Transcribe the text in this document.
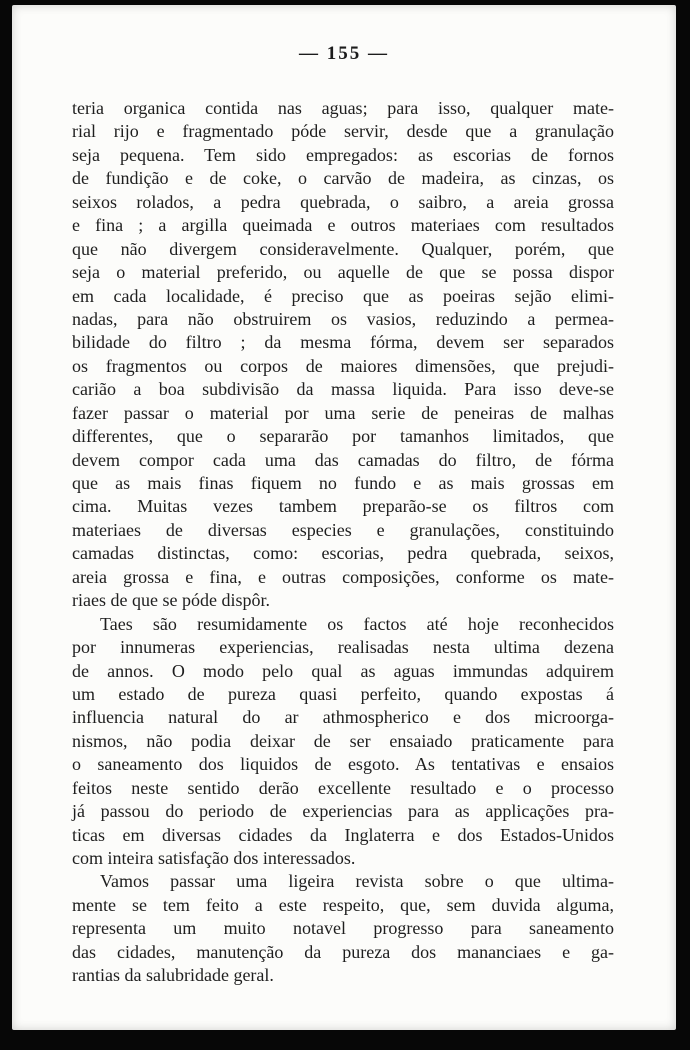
— 155 —
teria organica contida nas aguas; para isso, qualquer mate-
rial rijo e fragmentado póde servir, desde que a granulação
seja pequena. Tem sido empregados: as escorias de fornos
de fundição e de coke, o carvão de madeira, as cinzas, os
seixos rolados, a pedra quebrada, o saibro, a areia grossa
e fina ; a argilla queimada e outros materiaes com resultados
que não divergem consideravelmente. Qualquer, porém, que
seja o material preferido, ou aquelle de que se possa dispor
em cada localidade, é preciso que as poeiras sejão elimi-
nadas, para não obstruirem os vasios, reduzindo a permea-
bilidade do filtro ; da mesma fórma, devem ser separados
os fragmentos ou corpos de maiores dimensões, que prejudi-
carião a boa subdivisão da massa liquida. Para isso deve-se
fazer passar o material por uma serie de peneiras de malhas
differentes, que o separarão por tamanhos limitados, que
devem compor cada uma das camadas do filtro, de fórma
que as mais finas fiquem no fundo e as mais grossas em
cima. Muitas vezes tambem preparão-se os filtros com
materiaes de diversas especies e granulações, constituindo
camadas distinctas, como: escorias, pedra quebrada, seixos,
areia grossa e fina, e outras composições, conforme os mate-
riaes de que se póde dispôr.
Taes são resumidamente os factos até hoje reconhecidos
por innumeras experiencias, realisadas nesta ultima dezena
de annos. O modo pelo qual as aguas immundas adquirem
um estado de pureza quasi perfeito, quando expostas á
influencia natural do ar athmospherico e dos microorga-
nismos, não podia deixar de ser ensaiado praticamente para
o saneamento dos liquidos de esgoto. As tentativas e ensaios
feitos neste sentido derão excellente resultado e o processo
já passou do periodo de experiencias para as applicações pra-
ticas em diversas cidades da Inglaterra e dos Estados-Unidos
com inteira satisfação dos interessados.
Vamos passar uma ligeira revista sobre o que ultima-
mente se tem feito a este respeito, que, sem duvida alguma,
representa um muito notavel progresso para saneamento
das cidades, manutenção da pureza dos mananciaes e ga-
rantias da salubridade geral.
